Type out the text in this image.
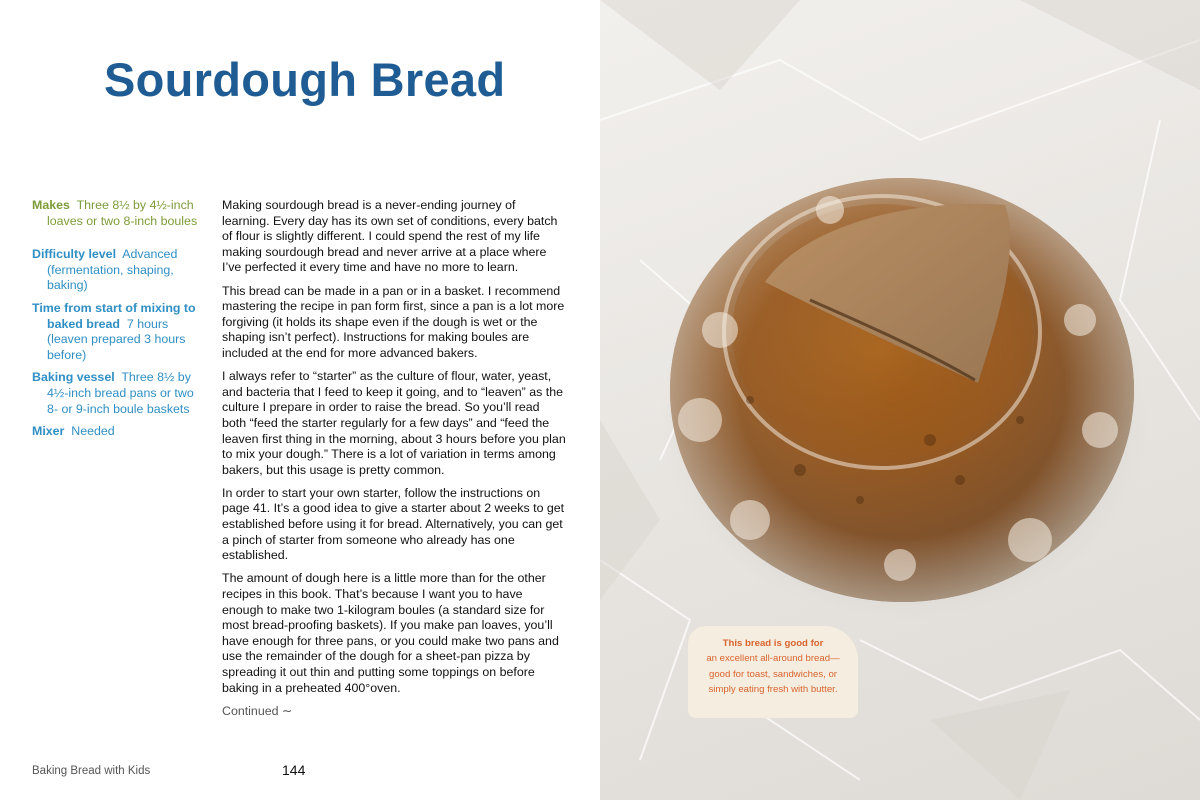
Sourdough Bread
Makes Three 8½ by 4½-inch loaves or two 8-inch boules
Difficulty level Advanced (fermentation, shaping, baking)
Time from start of mixing to baked bread 7 hours (leaven prepared 3 hours before)
Baking vessel Three 8½ by 4½-inch bread pans or two 8- or 9-inch boule baskets
Mixer Needed

Making sourdough bread is a never-ending journey of learning. Every day has its own set of conditions, every batch of flour is slightly different. I could spend the rest of my life making sourdough bread and never arrive at a place where I’ve perfected it every time and have no more to learn.

This bread can be made in a pan or in a basket. I recommend mastering the recipe in pan form first, since a pan is a lot more forgiving (it holds its shape even if the dough is wet or the shaping isn’t perfect). Instructions for making boules are included at the end for more advanced bakers.

I always refer to “starter” as the culture of flour, water, yeast, and bacteria that I feed to keep it going, and to “leaven” as the culture I prepare in order to raise the bread. So you’ll read both “feed the starter regularly for a few days” and “feed the leaven first thing in the morning, about 3 hours before you plan to mix your dough.” There is a lot of variation in terms among bakers, but this usage is pretty common.

In order to start your own starter, follow the instructions on page 41. It’s a good idea to give a starter about 2 weeks to get established before using it for bread. Alternatively, you can get a pinch of starter from someone who already has one established.

The amount of dough here is a little more than for the other recipes in this book. That’s because I want you to have enough to make two 1-kilogram boules (a standard size for most bread-proofing baskets). If you make pan loaves, you’ll have enough for three pans, or you could make two pans and use the remainder of the dough for a sheet-pan pizza by spreading it out thin and putting some toppings on before baking in a preheated 400°oven.

Continued ∼
Baking Bread with Kids	144
This bread is good for
an excellent all-around bread—
good for toast, sandwiches, or
simply eating fresh with butter.
